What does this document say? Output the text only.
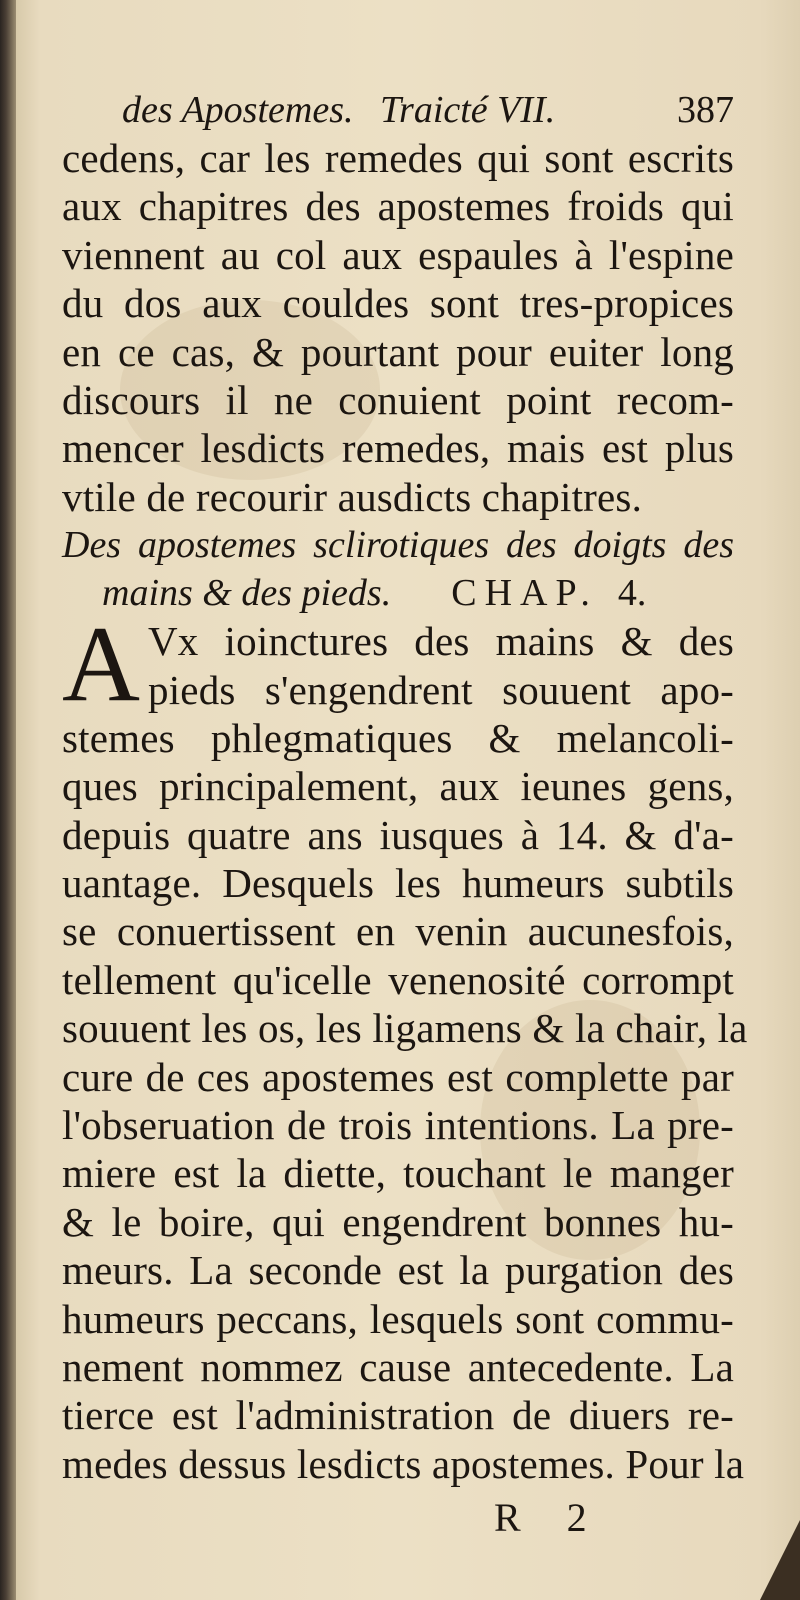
des Apostemes. Traicté VII.	387
cedens, car les remedes qui sont escrits
aux chapitres des apostemes froids qui
viennent au col aux espaules à l'espine
du dos aux couldes sont tres-propices
en ce cas, & pourtant pour euiter long
discours il ne conuient point recom-
mencer lesdicts remedes, mais est plus
vtile de recourir ausdicts chapitres.
Des apostemes sclirotiques des doigts des
mains & des pieds. CHAP. 4.
A Vx ioinctures des mains & des
pieds s'engendrent souuent apo-
stemes phlegmatiques & melancoli-
ques principalement, aux ieunes gens,
depuis quatre ans iusques à 14. & d'a-
uantage. Desquels les humeurs subtils
se conuertissent en venin aucunesfois,
tellement qu'icelle venenosité corrompt
souuent les os, les ligamens & la chair, la
cure de ces apostemes est complette par
l'obseruation de trois intentions. La pre-
miere est la diette, touchant le manger
& le boire, qui engendrent bonnes hu-
meurs. La seconde est la purgation des
humeurs peccans, lesquels sont commu-
nement nommez cause antecedente. La
tierce est l'administration de diuers re-
medes dessus lesdicts apostemes. Pour la
R 2
